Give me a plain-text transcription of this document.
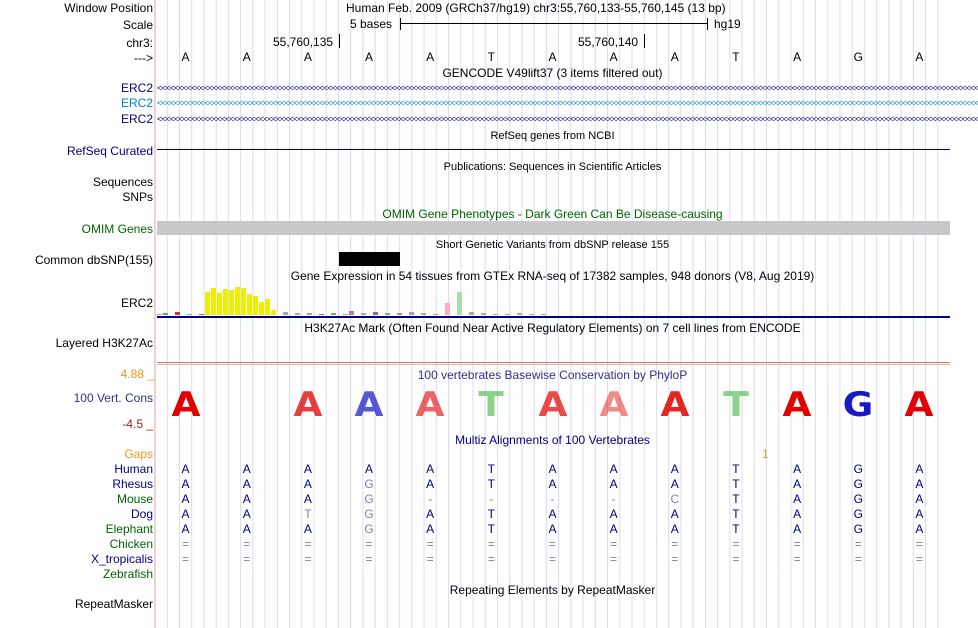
Window Position	Human Feb. 2009 (GRCh37/hg19) chr3:55,760,133-55,760,145 (13 bp)
Scale	5 bases	hg19
chr3:	55,760,135	55,760,140
--->	A	A	A	A	A	T	A	A	A	T	A	G	A
GENCODE V49lift37 (3 items filtered out)
ERC2 <<<<<<<<<<<<<<<<<<<<<<<<<<<<<<<<<<<<<<<<<<<<<<<<<<<<<<<<<<<<<<<<<<<<<<<<<<<<<<<<<<<<<<<<<<<<<<<<<<<<<<<<<<<<<<<<<<<<<<<<<<<<<<<<<<<<<<<<<<<<<<<<<<<<<<<<<<<<<<<<<<<<<<<<<<<<<<<<<<<<<<<<<<<<<<<<<
ERC2 <<<<<<<<<<<<<<<<<<<<<<<<<<<<<<<<<<<<<<<<<<<<<<<<<<<<<<<<<<<<<<<<<<<<<<<<<<<<<<<<<<<<<<<<<<<<<<<<<<<<<<<<<<<<<<<<<<<<<<<<<<<<<<<<<<<<<<<<<<<<<<<<<<<<<<<<<<<<<<<<<<<<<<<<<<<<<<<<<<<<<<<<<<<<<<<<<
ERC2 <<<<<<<<<<<<<<<<<<<<<<<<<<<<<<<<<<<<<<<<<<<<<<<<<<<<<<<<<<<<<<<<<<<<<<<<<<<<<<<<<<<<<<<<<<<<<<<<<<<<<<<<<<<<<<<<<<<<<<<<<<<<<<<<<<<<<<<<<<<<<<<<<<<<<<<<<<<<<<<<<<<<<<<<<<<<<<<<<<<<<<<<<<<<<<<<<
RefSeq genes from NCBI
RefSeq Curated
Publications: Sequences in Scientific Articles
Sequences
SNPs
OMIM Gene Phenotypes - Dark Green Can Be Disease-causing
OMIM Genes
Short Genetic Variants from dbSNP release 155
Common dbSNP(155)
Gene Expression in 54 tissues from GTEx RNA-seq of 17382 samples, 948 donors (V8, Aug 2019)
ERC2
H3K27Ac Mark (Often Found Near Active Regulatory Elements) on 7 cell lines from ENCODE
Layered H3K27Ac
4.88 _	100 vertebrates Basewise Conservation by PhyloP
100 Vert. Cons A	A A A T A A A T A G A
-4.5 _
Multiz Alignments of 100 Vertebrates
Gaps	1
Human	A	A	A	A	A	T	A	A	A	T	A	G	A
Rhesus	A	A	A	G	A	T	A	A	A	T	A	G	A
Mouse	A	A	A	G	-	-	-	-	C	T	A	G	A
Dog	A	A	T	G	A	T	A	A	A	T	A	G	A
Elephant	A	A	A	G	A	T	A	A	A	T	A	G	A
Chicken	=	=	=	=	=	=	=	=	=	=	=	=	=
X_tropicalis	=	=	=	=	=	=	=	=	=	=	=	=	=
Zebrafish
Repeating Elements by RepeatMasker
RepeatMasker
